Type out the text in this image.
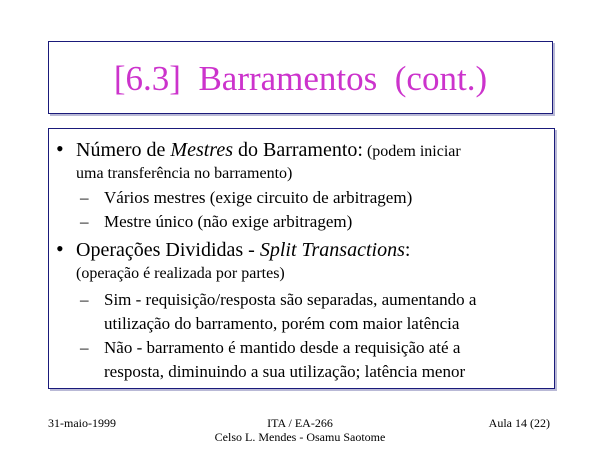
[6.3]  Barramentos  (cont.)
• Número de Mestres do Barramento: (podem iniciar
uma transferência no barramento)
– Vários mestres (exige circuito de arbitragem)
– Mestre único (não exige arbitragem)
• Operações Divididas - Split Transactions:
(operação é realizada por partes)
– Sim - requisição/resposta são separadas, aumentando a
utilização do barramento, porém com maior latência
– Não - barramento é mantido desde a requisição até a
resposta, diminuindo a sua utilização; latência menor
31-maio-1999	ITA / EA-266
Celso L. Mendes - Osamu Saotome
Aula 14 (22)
